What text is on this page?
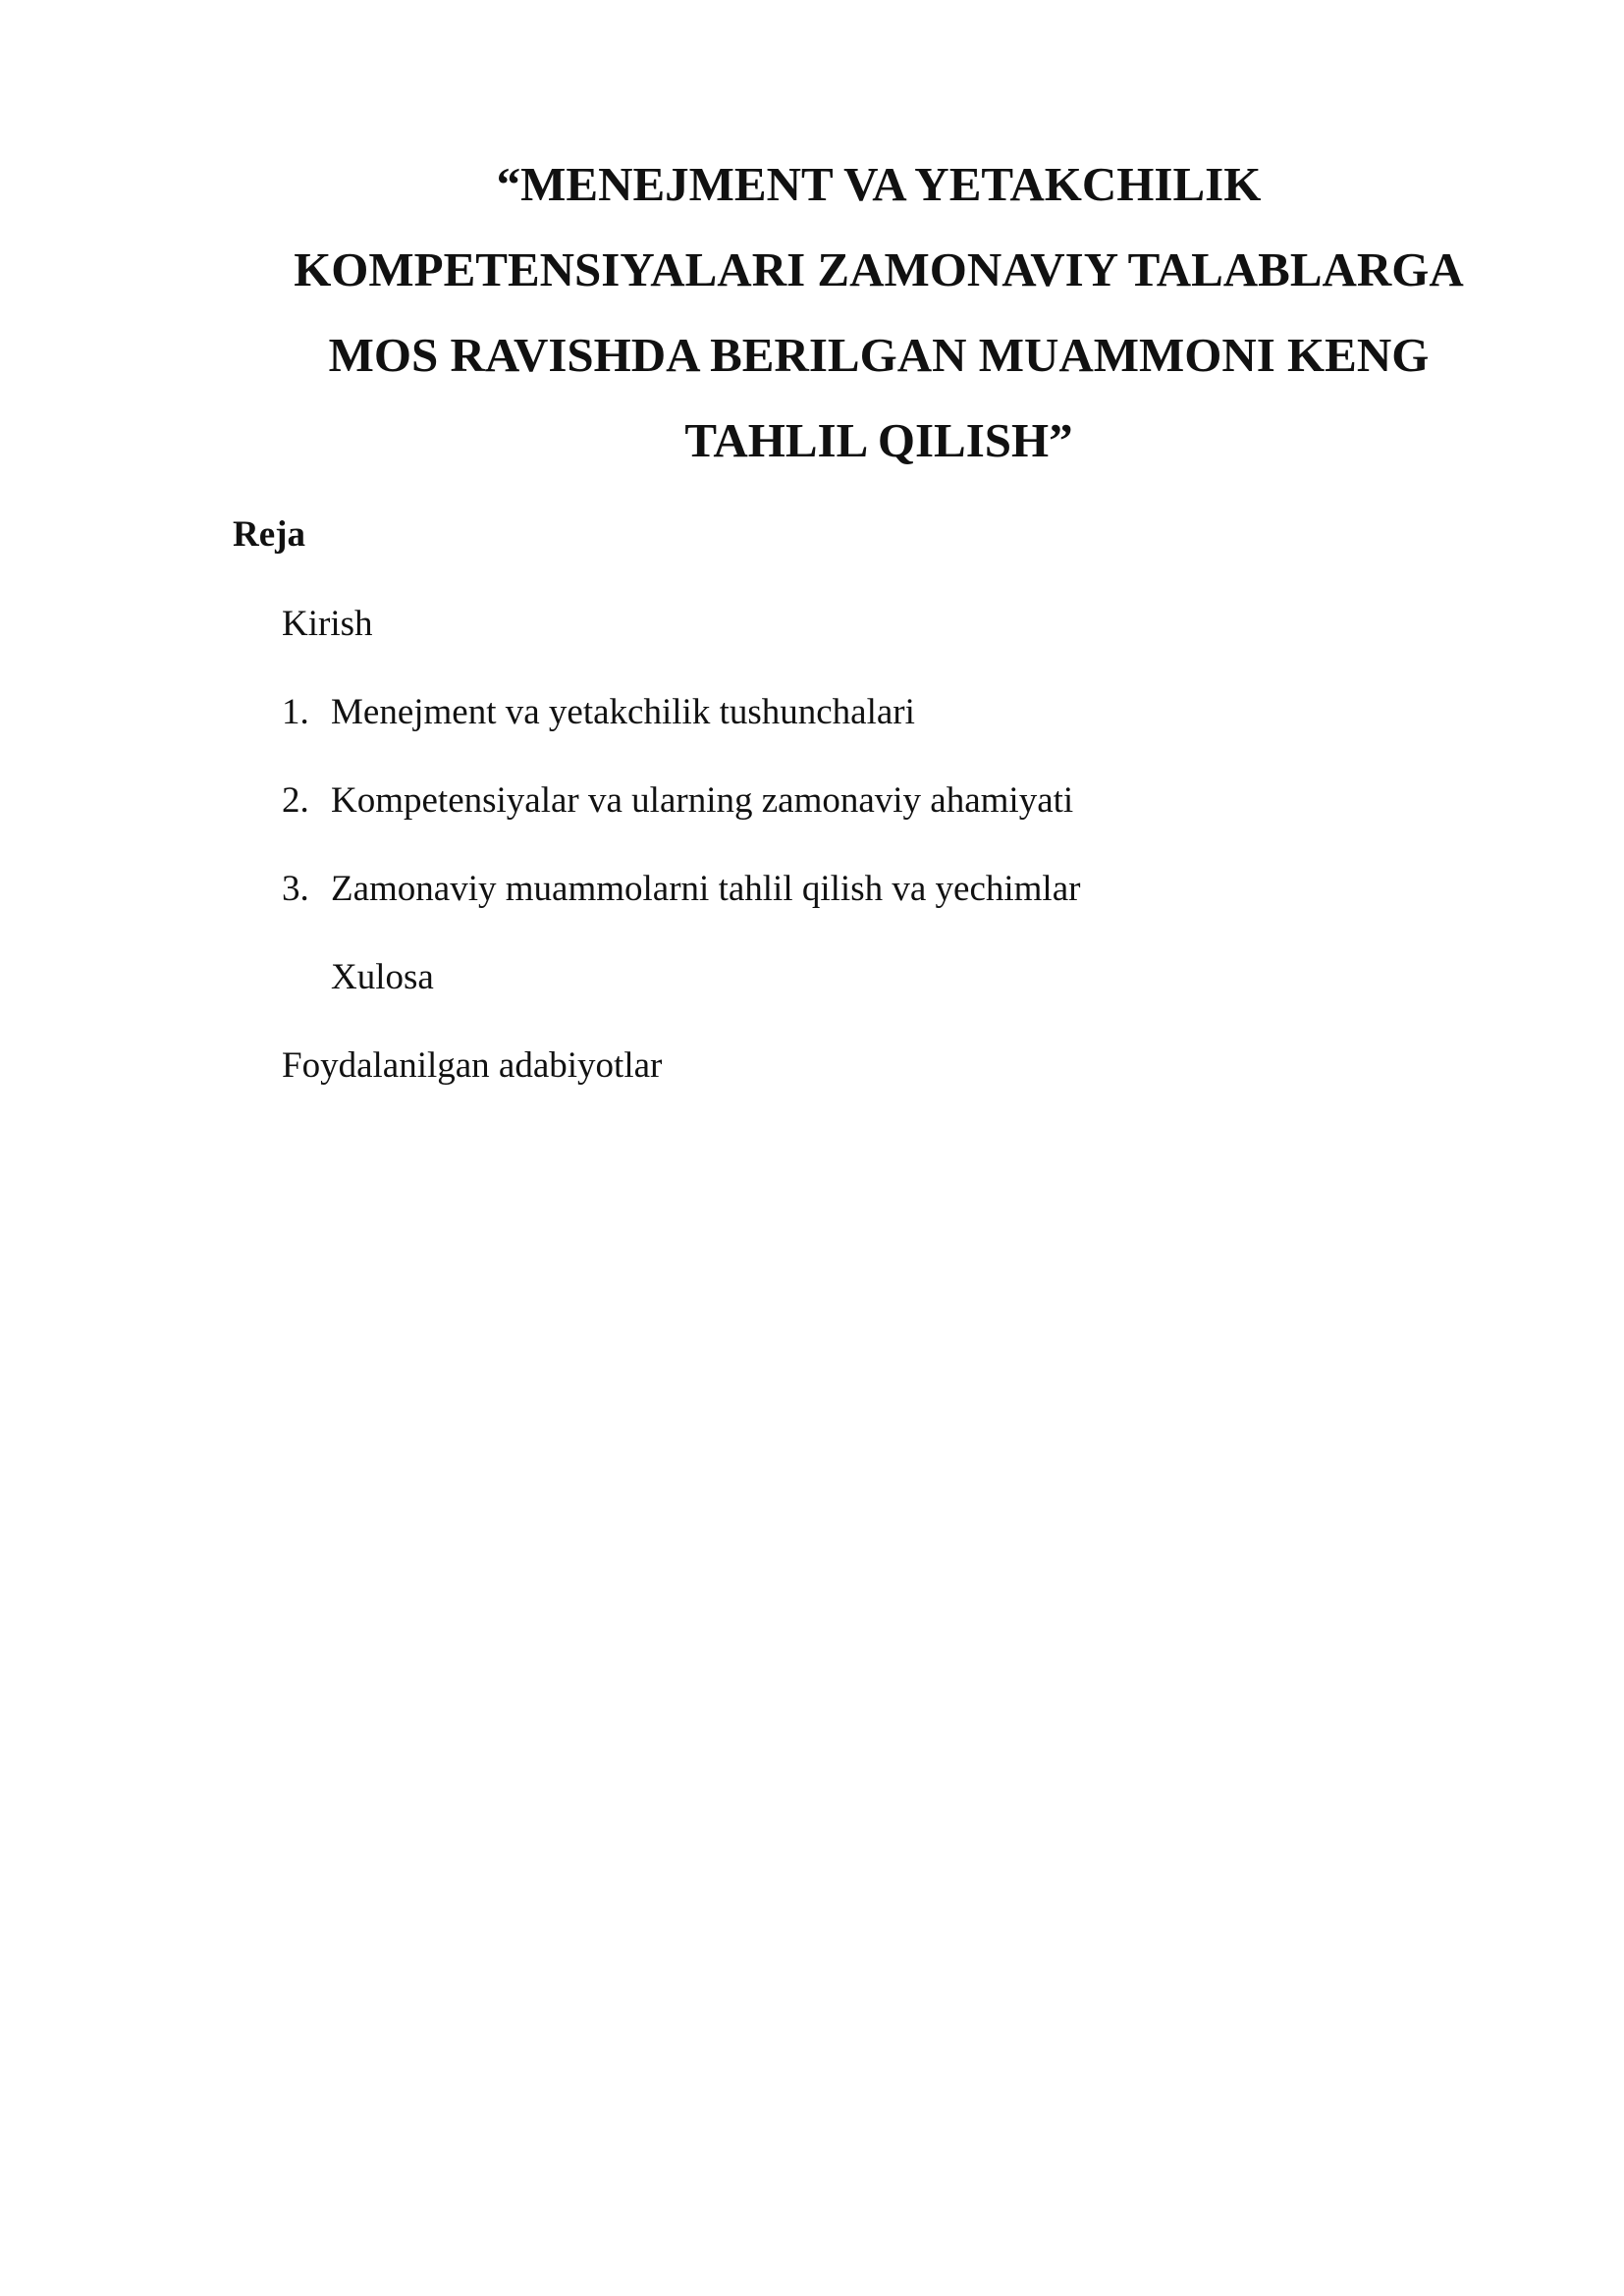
“MENEJMENT VA YETAKCHILIK
KOMPETENSIYALARI ZAMONAVIY TALABLARGA
MOS RAVISHDA BERILGAN MUAMMONI KENG
TAHLIL QILISH”
Reja
Kirish
1. Menejment va yetakchilik tushunchalari
2. Kompetensiyalar va ularning zamonaviy ahamiyati
3. Zamonaviy muammolarni tahlil qilish va yechimlar
Xulosa
Foydalanilgan adabiyotlar
